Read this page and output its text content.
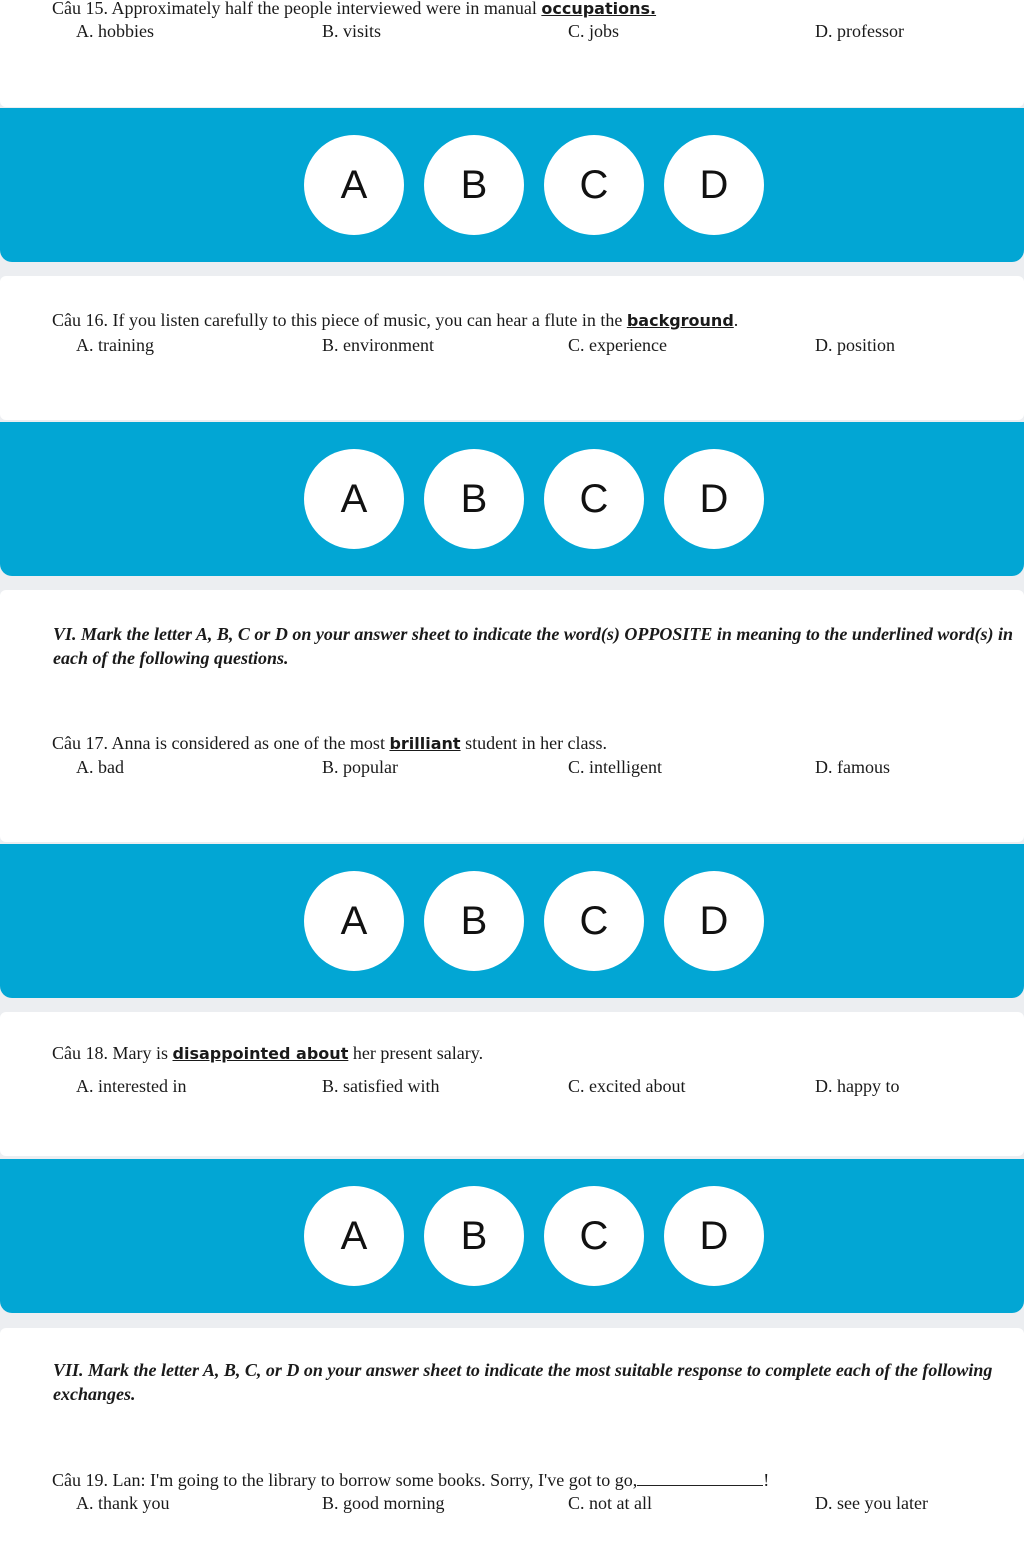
Câu 15. Approximately half the people interviewed were in manual occupations.
A. hobbies	B. visits	C. jobs	D. professor
A	B	C	D
Câu 16. If you listen carefully to this piece of music, you can hear a flute in the background.
A. training	B. environment	C. experience	D. position
A	B	C	D
VI. Mark the letter A, B, C or D on your answer sheet to indicate the word(s) OPPOSITE in meaning to the underlined word(s) in each of the following questions.
Câu 17. Anna is considered as one of the most brilliant student in her class.
A. bad	B. popular	C. intelligent	D. famous
A	B	C	D
Câu 18. Mary is disappointed about her present salary.
A. interested in	B. satisfied with	C. excited about	D. happy to
A	B	C	D
VII. Mark the letter A, B, C, or D on your answer sheet to indicate the most suitable response to complete each of the following exchanges.
Câu 19. Lan: I'm going to the library to borrow some books. Sorry, I've got to go,	!
A. thank you	B. good morning	C. not at all	D. see you later
